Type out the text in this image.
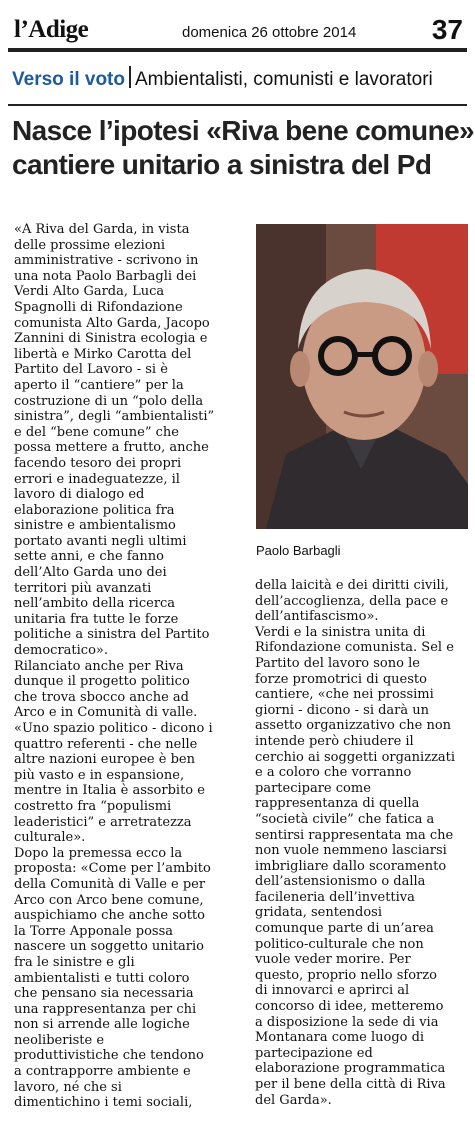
l’Adige	domenica 26 ottobre 2014	37
Verso il voto Ambientalisti, comunisti e lavoratori
Nasce l’ipotesi «Riva bene comune»
cantiere unitario a sinistra del Pd

«A Riva del Garda, in vista
delle prossime elezioni
amministrative - scrivono in
una nota Paolo Barbagli dei
Verdi Alto Garda, Luca
Spagnolli di Rifondazione
comunista Alto Garda, Jacopo
Zannini di Sinistra ecologia e
libertà e Mirko Carotta del
Partito del Lavoro - si è
aperto il “cantiere” per la
costruzione di un “polo della
sinistra”, degli “ambientalisti”
e del “bene comune” che
possa mettere a frutto, anche
facendo tesoro dei propri
errori e inadeguatezze, il
lavoro di dialogo ed
elaborazione politica fra
sinistre e ambientalismo
portato avanti negli ultimi
sette anni, e che fanno
dell’Alto Garda uno dei
territori più avanzati
nell’ambito della ricerca
unitaria fra tutte le forze
politiche a sinistra del Partito
democratico».

Rilanciato anche per Riva
dunque il progetto politico
che trova sbocco anche ad
Arco e in Comunità di valle.
«Uno spazio politico - dicono i
quattro referenti - che nelle
altre nazioni europee è ben
più vasto e in espansione,
mentre in Italia è assorbito e
costretto fra “populismi
leaderistici” e arretratezza
culturale».

Dopo la premessa ecco la
proposta: «Come per l’ambito
della Comunità di Valle e per
Arco con Arco bene comune,
auspichiamo che anche sotto
la Torre Apponale possa
nascere un soggetto unitario
fra le sinistre e gli
ambientalisti e tutti coloro
che pensano sia necessaria
una rappresentanza per chi
non si arrende alle logiche
neoliberiste e
produttivistiche che tendono
a contrapporre ambiente e
lavoro, né che si
dimentichino i temi sociali,

Paolo Barbagli

della laicità e dei diritti civili,
dell’accoglienza, della pace e
dell’antifascismo».

Verdi e la sinistra unita di
Rifondazione comunista. Sel e
Partito del lavoro sono le
forze promotrici di questo
cantiere, «che nei prossimi
giorni - dicono - si darà un
assetto organizzativo che non
intende però chiudere il
cerchio ai soggetti organizzati
e a coloro che vorranno
partecipare come
rappresentanza di quella
“società civile” che fatica a
sentirsi rappresentata ma che
non vuole nemmeno lasciarsi
imbrigliare dallo scoramento
dell’astensionismo o dalla
facileneria dell’invettiva
gridata, sentendosi
comunque parte di un’area
politico-culturale che non
vuole veder morire. Per
questo, proprio nello sforzo
di innovarci e aprirci al
concorso di idee, metteremo
a disposizione la sede di via
Montanara come luogo di
partecipazione ed
elaborazione programmatica
per il bene della città di Riva
del Garda».
